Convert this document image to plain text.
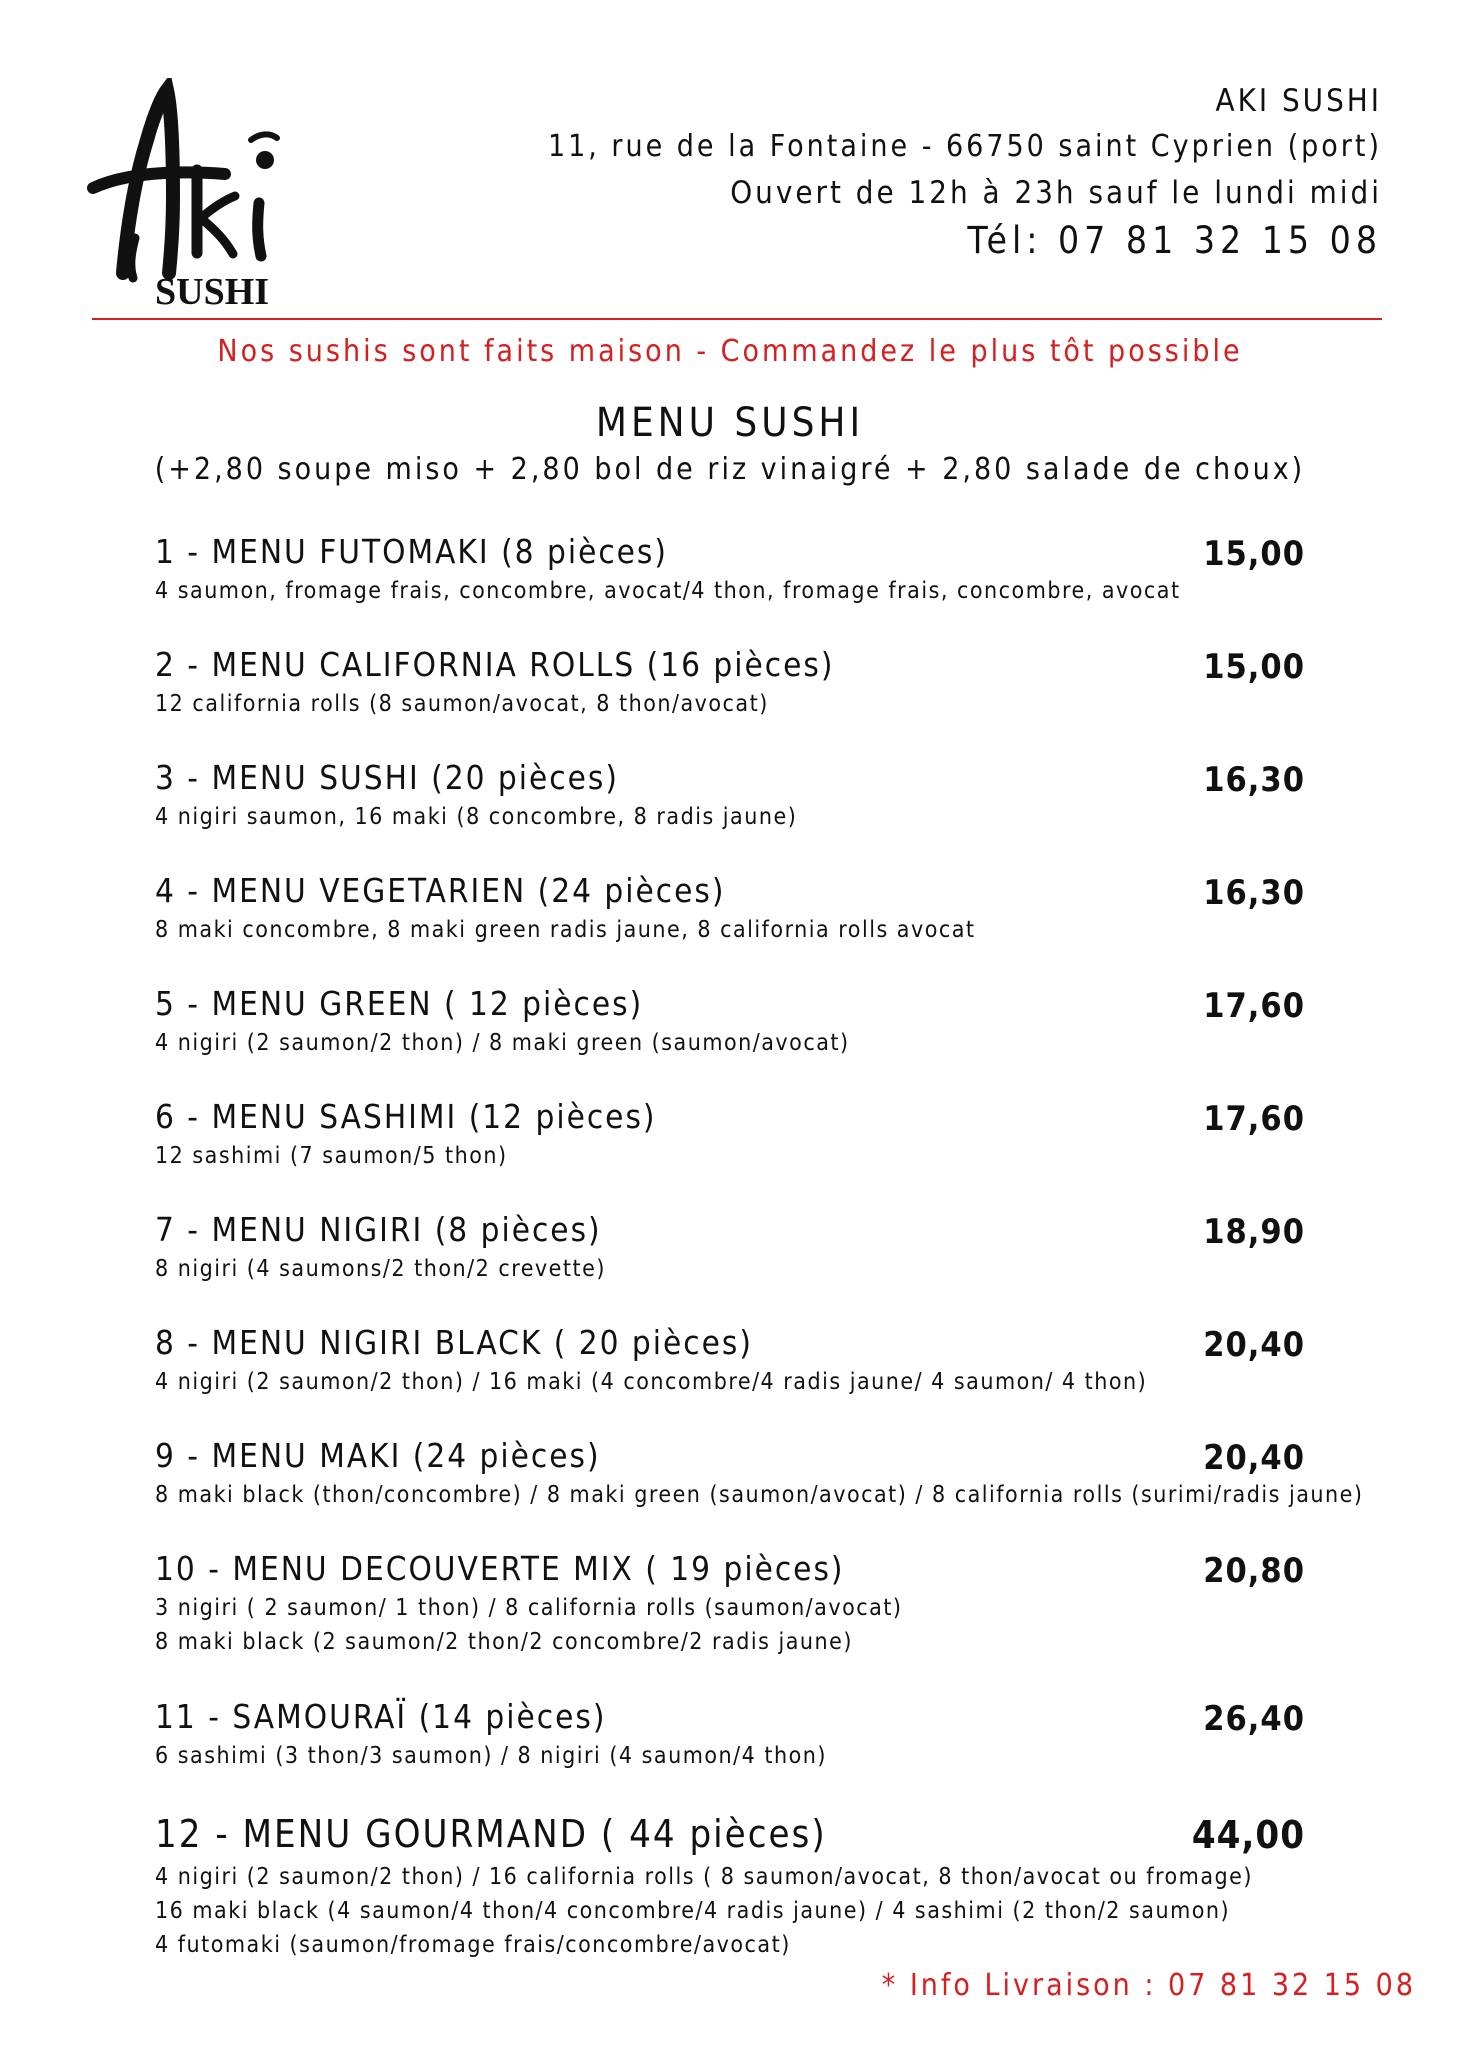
SUSHI
AKI SUSHI
11, rue de la Fontaine - 66750 saint Cyprien (port)
Ouvert de 12h à 23h sauf le lundi midi
Tél: 07 81 32 15 08
Nos sushis sont faits maison - Commandez le plus tôt possible
MENU SUSHI
(+2,80 soupe miso + 2,80 bol de riz vinaigré + 2,80 salade de choux)
1 - MENU FUTOMAKI (8 pièces)	15,00
4 saumon, fromage frais, concombre, avocat/4 thon, fromage frais, concombre, avocat
2 - MENU CALIFORNIA ROLLS (16 pièces)	15,00
12 california rolls (8 saumon/avocat, 8 thon/avocat)
3 - MENU SUSHI (20 pièces)	16,30
4 nigiri saumon, 16 maki (8 concombre, 8 radis jaune)
4 - MENU VEGETARIEN (24 pièces)	16,30
8 maki concombre, 8 maki green radis jaune, 8 california rolls avocat
5 - MENU GREEN ( 12 pièces)	17,60
4 nigiri (2 saumon/2 thon) / 8 maki green (saumon/avocat)
6 - MENU SASHIMI (12 pièces)	17,60
12 sashimi (7 saumon/5 thon)
7 - MENU NIGIRI (8 pièces)	18,90
8 nigiri (4 saumons/2 thon/2 crevette)
8 - MENU NIGIRI BLACK ( 20 pièces)	20,40
4 nigiri (2 saumon/2 thon) / 16 maki (4 concombre/4 radis jaune/ 4 saumon/ 4 thon)
9 - MENU MAKI (24 pièces)	20,40
8 maki black (thon/concombre) / 8 maki green (saumon/avocat) / 8 california rolls (surimi/radis jaune)
10 - MENU DECOUVERTE MIX ( 19 pièces)	20,80
3 nigiri ( 2 saumon/ 1 thon) / 8 california rolls (saumon/avocat)
8 maki black (2 saumon/2 thon/2 concombre/2 radis jaune)
11 - SAMOURAÏ (14 pièces)	26,40
6 sashimi (3 thon/3 saumon) / 8 nigiri (4 saumon/4 thon)
12 - MENU GOURMAND ( 44 pièces)	44,00
4 nigiri (2 saumon/2 thon) / 16 california rolls ( 8 saumon/avocat, 8 thon/avocat ou fromage)
16 maki black (4 saumon/4 thon/4 concombre/4 radis jaune) / 4 sashimi (2 thon/2 saumon)
4 futomaki (saumon/fromage frais/concombre/avocat)
* Info Livraison : 07 81 32 15 08
